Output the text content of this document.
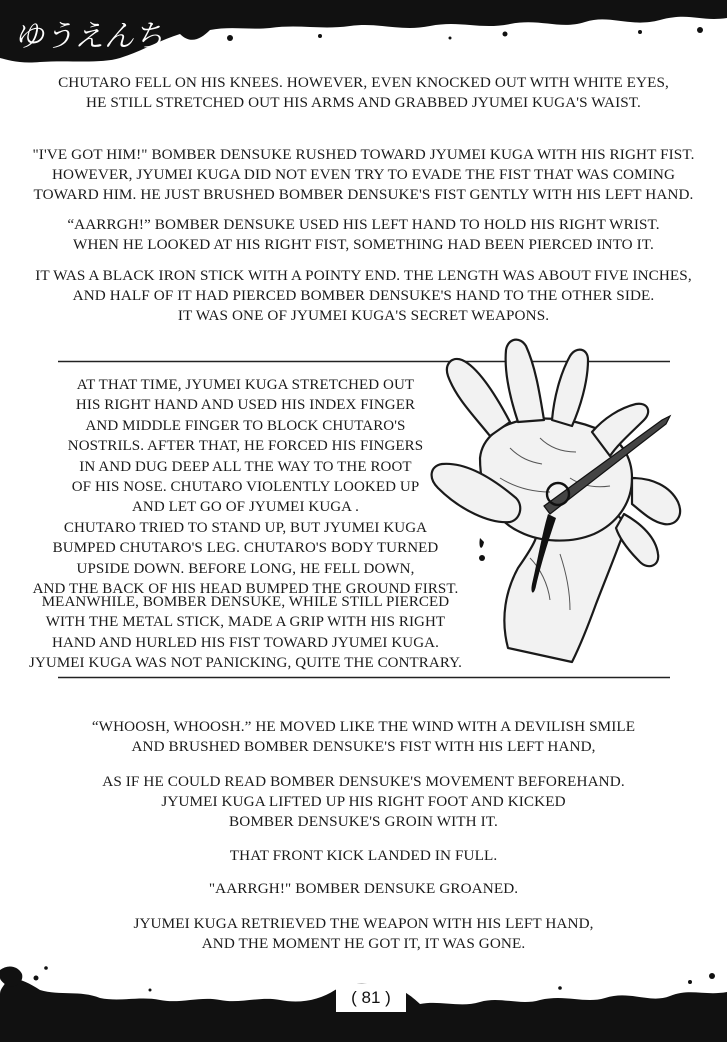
ゆうえんち

CHUTARO FELL ON HIS KNEES. HOWEVER, EVEN KNOCKED OUT WITH WHITE EYES,
HE STILL STRETCHED OUT HIS ARMS AND GRABBED JYUMEI KUGA'S WAIST.

"I'VE GOT HIM!" BOMBER DENSUKE RUSHED TOWARD JYUMEI KUGA WITH HIS RIGHT FIST.
HOWEVER, JYUMEI KUGA DID NOT EVEN TRY TO EVADE THE FIST THAT WAS COMING
TOWARD HIM. HE JUST BRUSHED BOMBER DENSUKE'S FIST GENTLY WITH HIS LEFT HAND.

“AARRGH!” BOMBER DENSUKE USED HIS LEFT HAND TO HOLD HIS RIGHT WRIST.
WHEN HE LOOKED AT HIS RIGHT FIST, SOMETHING HAD BEEN PIERCED INTO IT.

IT WAS A BLACK IRON STICK WITH A POINTY END. THE LENGTH WAS ABOUT FIVE INCHES,
AND HALF OF IT HAD PIERCED BOMBER DENSUKE'S HAND TO THE OTHER SIDE.
IT WAS ONE OF JYUMEI KUGA'S SECRET WEAPONS.

AT THAT TIME, JYUMEI KUGA STRETCHED OUT
HIS RIGHT HAND AND USED HIS INDEX FINGER
AND MIDDLE FINGER TO BLOCK CHUTARO'S
NOSTRILS. AFTER THAT, HE FORCED HIS FINGERS
IN AND DUG DEEP ALL THE WAY TO THE ROOT
OF HIS NOSE. CHUTARO VIOLENTLY LOOKED UP
AND LET GO OF JYUMEI KUGA .
CHUTARO TRIED TO STAND UP, BUT JYUMEI KUGA
BUMPED CHUTARO'S LEG. CHUTARO'S BODY TURNED
UPSIDE DOWN. BEFORE LONG, HE FELL DOWN,
AND THE BACK OF HIS HEAD BUMPED THE GROUND FIRST.

MEANWHILE, BOMBER DENSUKE, WHILE STILL PIERCED
WITH THE METAL STICK, MADE A GRIP WITH HIS RIGHT
HAND AND HURLED HIS FIST TOWARD JYUMEI KUGA.
JYUMEI KUGA WAS NOT PANICKING, QUITE THE CONTRARY.

“WHOOSH, WHOOSH.” HE MOVED LIKE THE WIND WITH A DEVILISH SMILE
AND BRUSHED BOMBER DENSUKE'S FIST WITH HIS LEFT HAND,

AS IF HE COULD READ BOMBER DENSUKE'S MOVEMENT BEFOREHAND.
JYUMEI KUGA LIFTED UP HIS RIGHT FOOT AND KICKED
BOMBER DENSUKE'S GROIN WITH IT.

THAT FRONT KICK LANDED IN FULL.

"AARRGH!" BOMBER DENSUKE GROANED.

JYUMEI KUGA RETRIEVED THE WEAPON WITH HIS LEFT HAND,
AND THE MOMENT HE GOT IT, IT WAS GONE.

( 81 )
